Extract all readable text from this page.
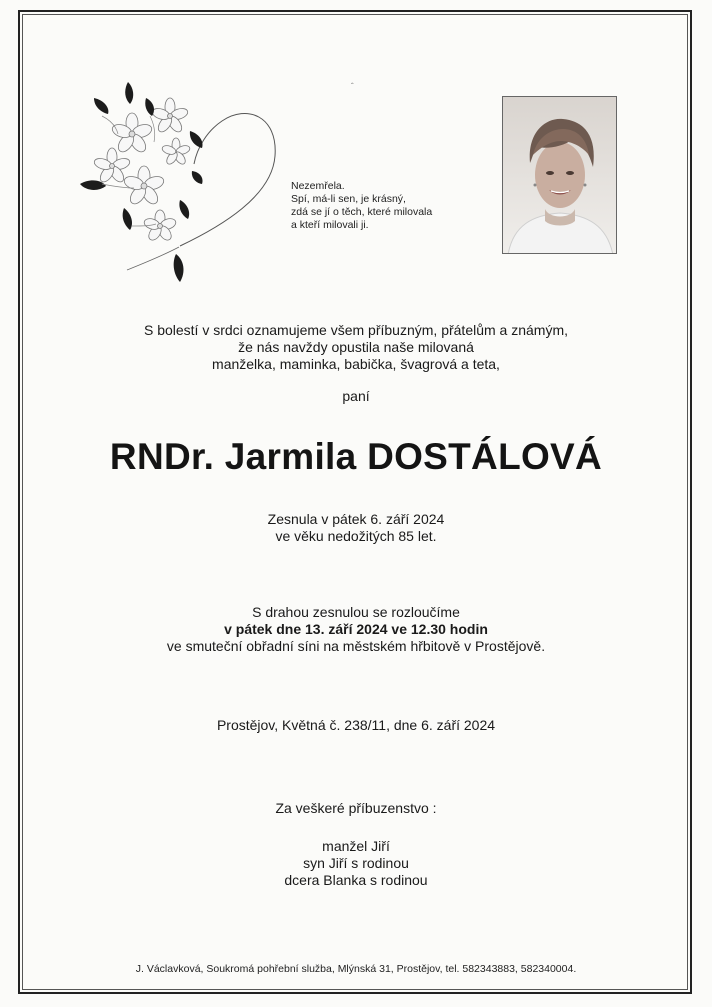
ˆ
Nezemřela.
Spí, má-li sen, je krásný,
zdá se jí o těch, které milovala
a kteří milovali ji.
S bolestí v srdci oznamujeme všem příbuzným, přátelům a známým,
že nás navždy opustila naše milovaná
manželka, maminka, babička, švagrová a teta,
paní
RNDr. Jarmila DOSTÁLOVÁ
Zesnula v pátek 6. září 2024
ve věku nedožitých 85 let.
S drahou zesnulou se rozloučíme
v pátek dne 13. září 2024 ve 12.30 hodin
ve smuteční obřadní síni na městském hřbitově v Prostějově.
Prostějov, Květná č. 238/11, dne 6. září 2024
Za veškeré příbuzenstvo :
manžel Jiří
syn Jiří s rodinou
dcera Blanka s rodinou
J. Václavková, Soukromá pohřební služba, Mlýnská 31, Prostějov, tel. 582343883, 582340004.
